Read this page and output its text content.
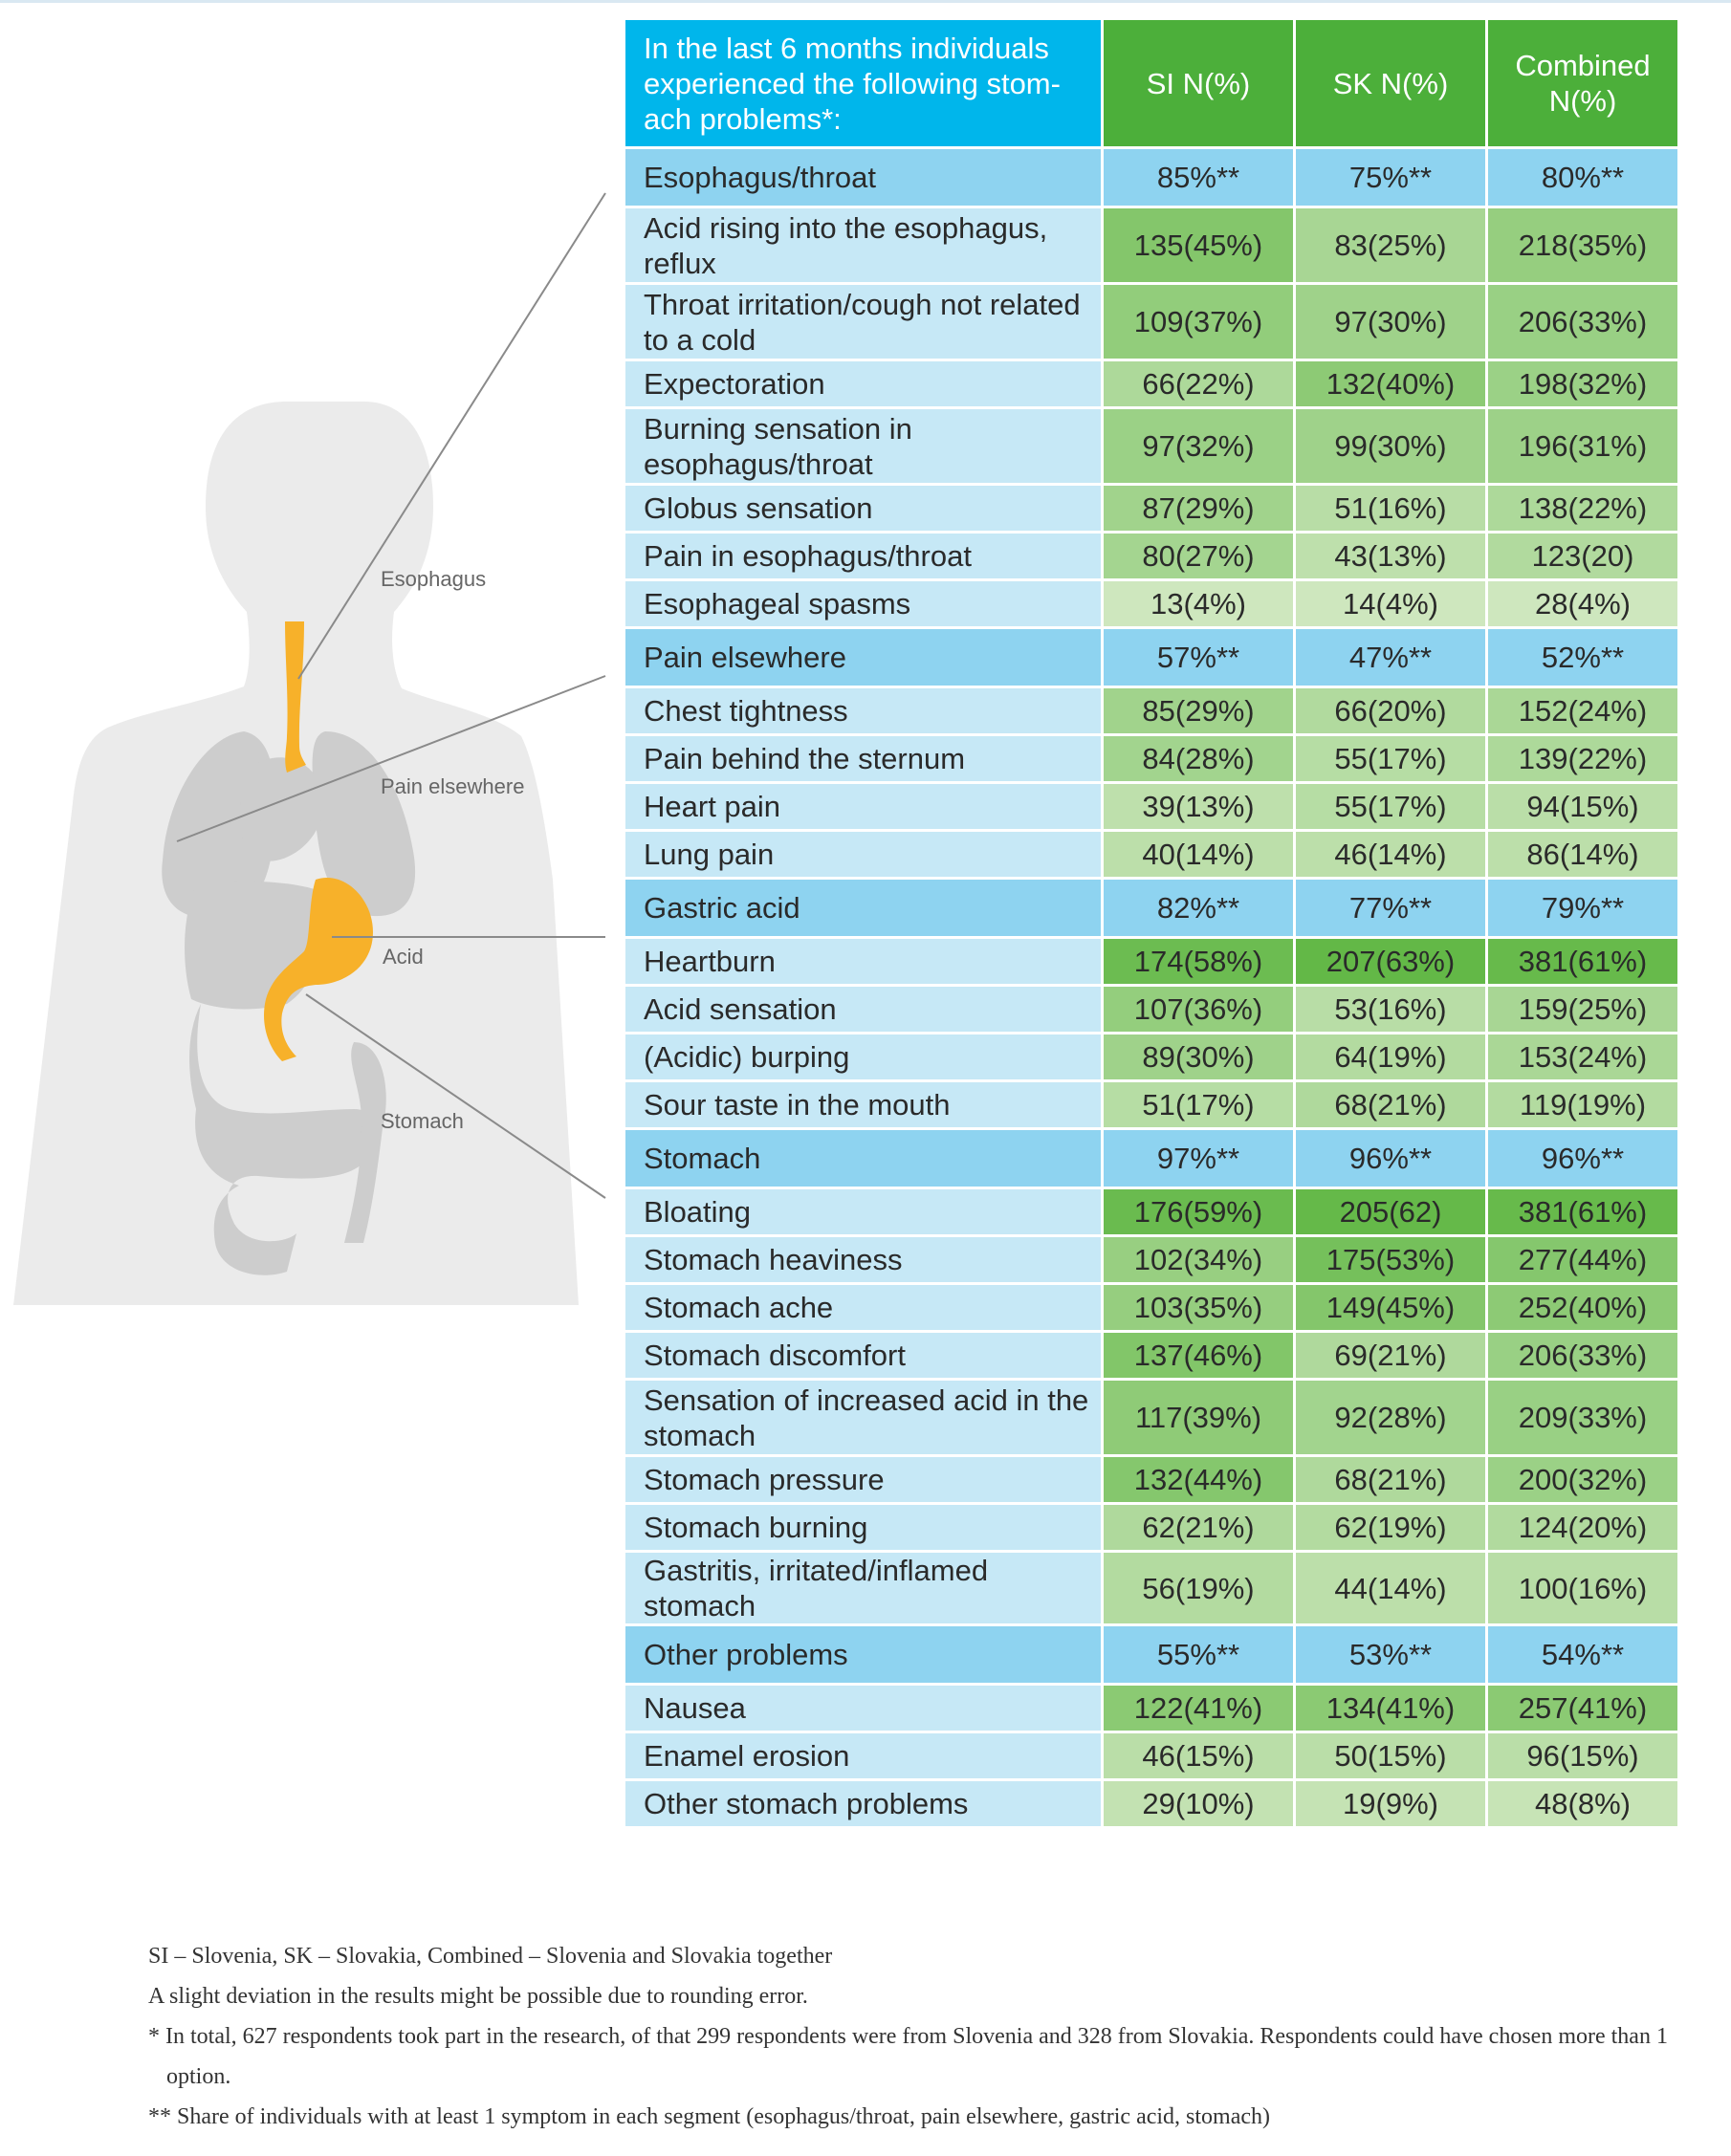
Esophagus
Pain elsewhere
Acid
Stomach
In the last 6 months individuals experienced the following stom-ach problems*:	SI N(%)	SK N(%)	Combined N(%)
Esophagus/throat	85%**	75%**	80%**
Acid rising into the esophagus, reflux	135(45%)	83(25%)	218(35%)
Throat irritation/cough not related to a cold	109(37%)	97(30%)	206(33%)
Expectoration	66(22%)	132(40%)	198(32%)
Burning sensation in esophagus/throat	97(32%)	99(30%)	196(31%)
Globus sensation	87(29%)	51(16%)	138(22%)
Pain in esophagus/throat	80(27%)	43(13%)	123(20)
Esophageal spasms	13(4%)	14(4%)	28(4%)
Pain elsewhere	57%**	47%**	52%**
Chest tightness	85(29%)	66(20%)	152(24%)
Pain behind the sternum	84(28%)	55(17%)	139(22%)
Heart pain	39(13%)	55(17%)	94(15%)
Lung pain	40(14%)	46(14%)	86(14%)
Gastric acid	82%**	77%**	79%**
Heartburn	174(58%)	207(63%)	381(61%)
Acid sensation	107(36%)	53(16%)	159(25%)
(Acidic) burping	89(30%)	64(19%)	153(24%)
Sour taste in the mouth	51(17%)	68(21%)	119(19%)
Stomach	97%**	96%**	96%**
Bloating	176(59%)	205(62)	381(61%)
Stomach heaviness	102(34%)	175(53%)	277(44%)
Stomach ache	103(35%)	149(45%)	252(40%)
Stomach discomfort	137(46%)	69(21%)	206(33%)
Sensation of increased acid in the stomach	117(39%)	92(28%)	209(33%)
Stomach pressure	132(44%)	68(21%)	200(32%)
Stomach burning	62(21%)	62(19%)	124(20%)
Gastritis, irritated/inflamed stomach	56(19%)	44(14%)	100(16%)
Other problems	55%**	53%**	54%**
Nausea	122(41%)	134(41%)	257(41%)
Enamel erosion	46(15%)	50(15%)	96(15%)
Other stomach problems	29(10%)	19(9%)	48(8%)

SI – Slovenia, SK – Slovakia, Combined – Slovenia and Slovakia together

A slight deviation in the results might be possible due to rounding error.

* In total, 627 respondents took part in the research, of that 299 respondents were from Slovenia and 328 from Slovakia. Respondents could have chosen more than 1 option.

** Share of individuals with at least 1 symptom in each segment (esophagus/throat, pain elsewhere, gastric acid, stomach)
